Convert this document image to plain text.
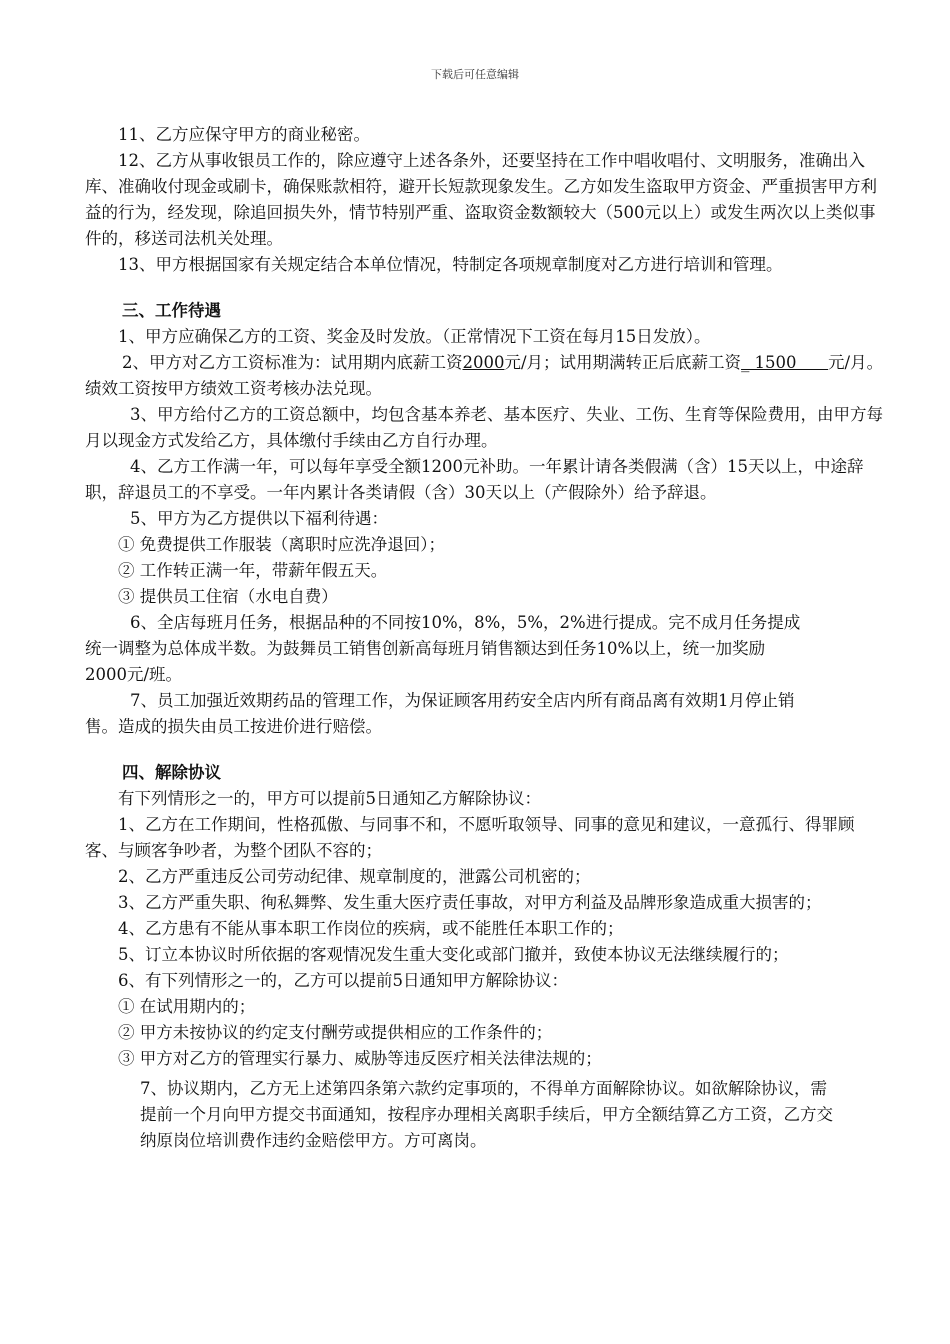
下载后可任意编辑

11、乙方应保守甲方的商业秘密。

12、乙方从事收银员工作的，除应遵守上述各条外，还要坚持在工作中唱收唱付、文明服务，准确出入库、准确收付现金或刷卡，确保账款相符，避开长短款现象发生。乙方如发生盗取甲方资金、严重损害甲方利益的行为，经发现，除追回损失外，情节特别严重、盗取资金数额较大（500元以上）或发生两次以上类似事件的，移送司法机关处理。

13、甲方根据国家有关规定结合本单位情况，特制定各项规章制度对乙方进行培训和管理。

三、工作待遇

1、甲方应确保乙方的工资、奖金及时发放。（正常情况下工资在每月15日发放）。

2、甲方对乙方工资标准为：试用期内底薪工资2000元/月；试用期满转正后底薪工资_ 1500      元/月。绩效工资按甲方绩效工资考核办法兑现。

3、甲方给付乙方的工资总额中，均包含基本养老、基本医疗、失业、工伤、生育等保险费用，由甲方每月以现金方式发给乙方，具体缴付手续由乙方自行办理。

4、乙方工作满一年，可以每年享受全额1200元补助。一年累计请各类假满（含）15天以上，中途辞职，辞退员工的不享受。一年内累计各类请假（含）30天以上（产假除外）给予辞退。

5、甲方为乙方提供以下福利待遇：

① 免费提供工作服装（离职时应洗净退回）；

② 工作转正满一年，带薪年假五天。

③ 提供员工住宿（水电自费）

6、全店每班月任务，根据品种的不同按10%，8%，5%，2%进行提成。完不成月任务提成统一调整为总体成半数。为鼓舞员工销售创新高每班月销售额达到任务10%以上，统一加奖励2000元/班。

7、员工加强近效期药品的管理工作，为保证顾客用药安全店内所有商品离有效期1月停止销售。造成的损失由员工按进价进行赔偿。

四、解除协议

有下列情形之一的，甲方可以提前5日通知乙方解除协议：

1、乙方在工作期间，性格孤傲、与同事不和，不愿听取领导、同事的意见和建议，一意孤行、得罪顾客、与顾客争吵者，为整个团队不容的；

2、乙方严重违反公司劳动纪律、规章制度的，泄露公司机密的；

3、乙方严重失职、徇私舞弊、发生重大医疗责任事故，对甲方利益及品牌形象造成重大损害的；

4、乙方患有不能从事本职工作岗位的疾病，或不能胜任本职工作的；

5、订立本协议时所依据的客观情况发生重大变化或部门撤并，致使本协议无法继续履行的；

6、有下列情形之一的，乙方可以提前5日通知甲方解除协议：

① 在试用期内的；

② 甲方未按协议的约定支付酬劳或提供相应的工作条件的；

③ 甲方对乙方的管理实行暴力、威胁等违反医疗相关法律法规的；

7、协议期内，乙方无上述第四条第六款约定事项的，不得单方面解除协议。如欲解除协议，需提前一个月向甲方提交书面通知，按程序办理相关离职手续后，甲方全额结算乙方工资，乙方交纳原岗位培训费作违约金赔偿甲方。方可离岗。
